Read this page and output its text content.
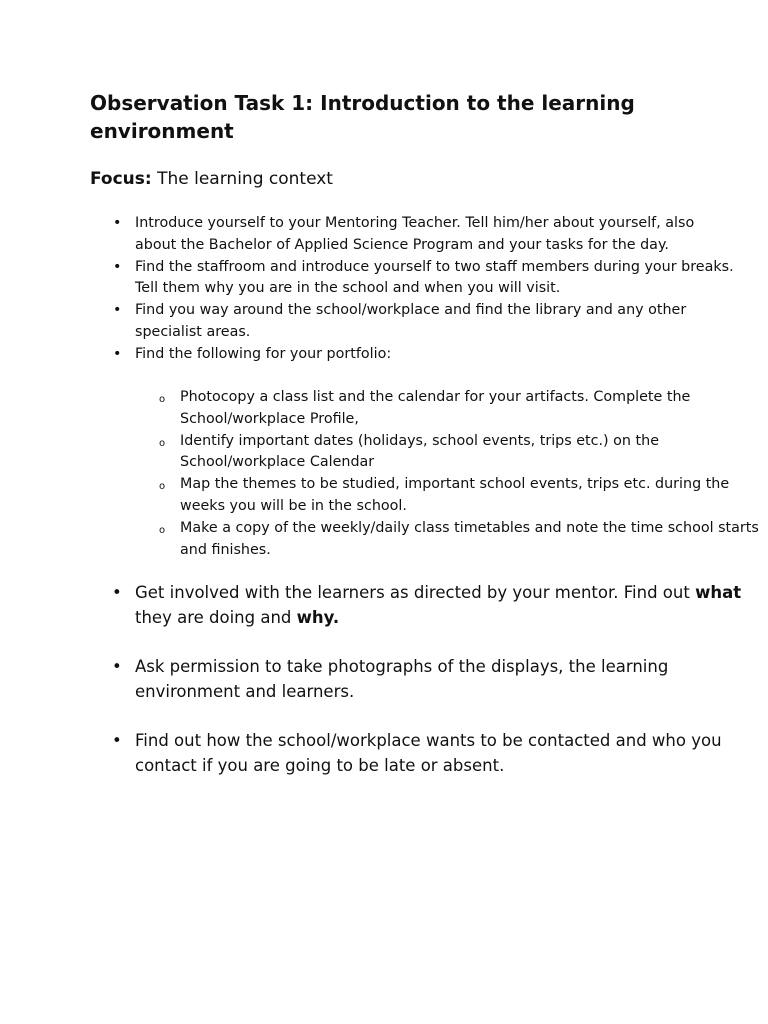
Observation Task 1: Introduction to the learning environment

Focus: The learning context

• Introduce yourself to your Mentoring Teacher. Tell him/her about yourself, also about the Bachelor of Applied Science Program and your tasks for the day.
• Find the staffroom and introduce yourself to two staff members during your breaks. Tell them why you are in the school and when you will visit.
• Find you way around the school/workplace and find the library and any other specialist areas.
• Find the following for your portfolio:
o Photocopy a class list and the calendar for your artifacts. Complete the School/workplace Profile,
o Identify important dates (holidays, school events, trips etc.) on the School/workplace Calendar
o Map the themes to be studied, important school events, trips etc. during the weeks you will be in the school.
o Make a copy of the weekly/daily class timetables and note the time school starts and finishes.
• Get involved with the learners as directed by your mentor. Find out what they are doing and why.
• Ask permission to take photographs of the displays, the learning environment and learners.
• Find out how the school/workplace wants to be contacted and who you contact if you are going to be late or absent.
